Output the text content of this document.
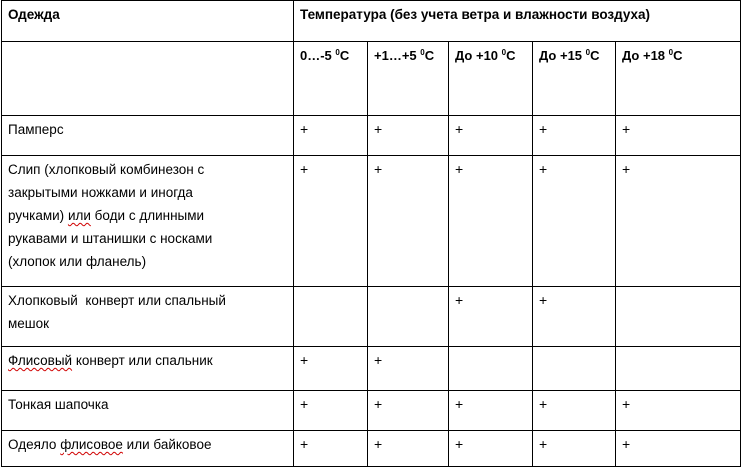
Одежда	Температура (без учета ветра и влажности воздуха)				

	0…-5 $^0$C	+1…+5 $^0$C	До +10 $^0$C	До +15 $^0$C	До +18 $^0$C

Памперс	+	+	+	+	+

Слип (хлопковый комбинезон с
закрытыми ножками и иногда
ручками) или боди с длинными
рукавами и штанишки с носками
(хлопок или фланель)	+	+	+	+	+

Хлопковый  конверт или спальный
мешок			+	+	

Флисовый конверт или спальник	+	+			

Тонкая шапочка	+	+	+	+	+

Одеяло флисовое или байковое	+	+	+	+	+
